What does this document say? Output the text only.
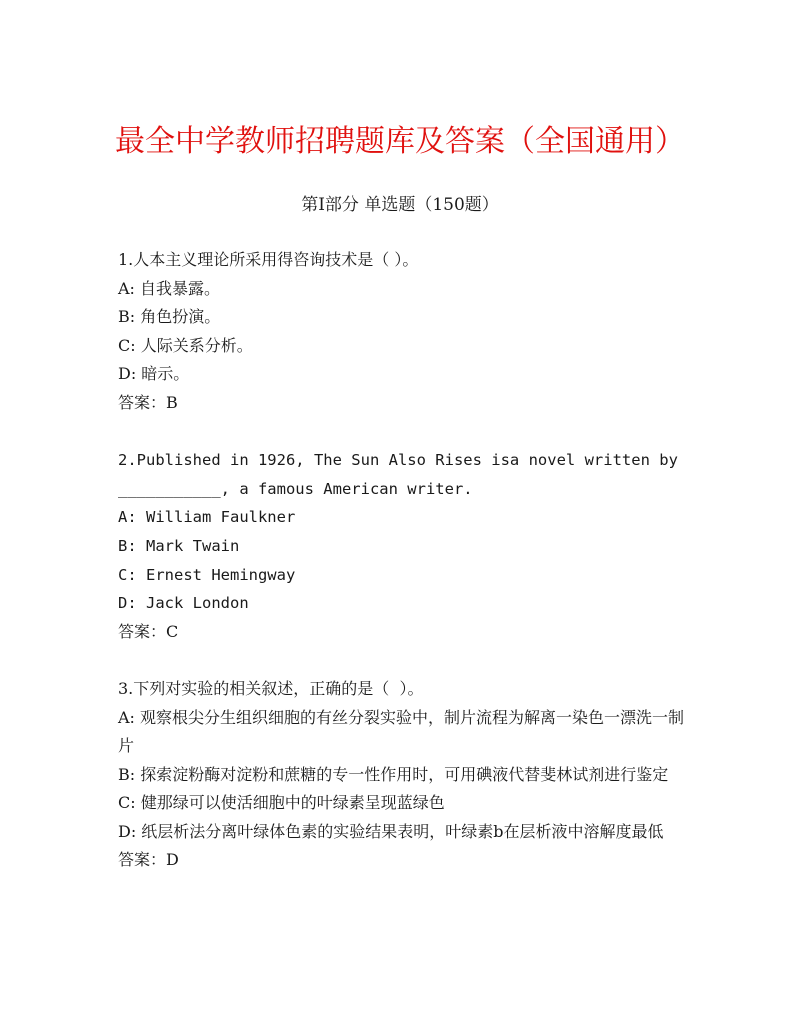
最全中学教师招聘题库及答案（全国通用）
第Ⅰ部分 单选题（150题）
1.人本主义理论所采用得咨询技术是（ ）。
A: 自我暴露。
B: 角色扮演。
C: 人际关系分析。
D: 暗示。
答案：B
2.Published in 1926, The Sun Also Rises isa novel written by
___________, a famous American writer.
A: William Faulkner
B: Mark Twain
C: Ernest Hemingway
D: Jack London
答案：C
3.下列对实验的相关叙述，正确的是（  ）。
A: 观察根尖分生组织细胞的有丝分裂实验中，制片流程为解离一染色一漂洗一制片
B: 探索淀粉酶对淀粉和蔗糖的专一性作用时，可用碘液代替斐林试剂进行鉴定
C: 健那绿可以使活细胞中的叶绿素呈现蓝绿色
D: 纸层析法分离叶绿体色素的实验结果表明，叶绿素b在层析液中溶解度最低
答案：D
